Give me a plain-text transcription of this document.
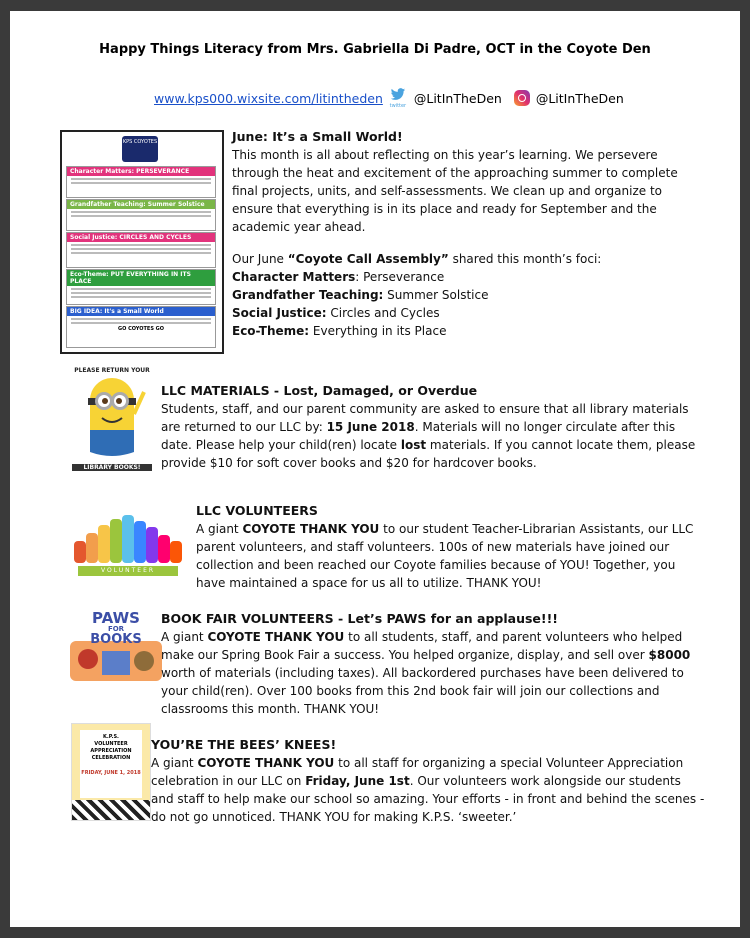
Happy Things Literacy from Mrs. Gabriella Di Padre, OCT in the Coyote Den
www.kps000.wixsite.com/litintheden	twitter @LitInTheDen	@LitInTheDen
KPS COYOTES
Character Matters: PERSEVERANCE
Grandfather Teaching: Summer Solstice
Social Justice: CIRCLES AND CYCLES
Eco-Theme: PUT EVERYTHING IN ITS PLACE
BIG IDEA: It's a Small World
GO COYOTES GO
June: It’s a Small World!

This month is all about reflecting on this year’s learning. We persevere through the heat and excitement of the approaching summer to complete final projects, units, and self-assessments. We clean up and organize to ensure that everything is in its place and ready for September and the academic year ahead.

Our June “Coyote Call Assembly” shared this month’s foci:

Character Matters: Perseverance

Grandfather Teaching: Summer Solstice

Social Justice: Circles and Cycles

Eco-Theme: Everything in its Place

PLEASE RETURN YOUR
LIBRARY BOOKS!
LLC MATERIALS - Lost, Damaged, or Overdue

Students, staff, and our parent community are asked to ensure that all library materials are returned to our LLC by: 15 June 2018. Materials will no longer circulate after this date. Please help your child(ren) locate lost materials. If you cannot locate them, please provide $10 for soft cover books and $20 for hardcover books.

VOLUNTEER
LLC VOLUNTEERS

A giant COYOTE THANK YOU to our student Teacher-Librarian Assistants, our LLC parent volunteers, and staff volunteers. 100s of new materials have joined our collection and been reached our Coyote families because of YOU! Together, you have maintained a space for us all to utilize. THANK YOU!

PAWS
FOR
BOOKS
BOOK FAIR VOLUNTEERS - Let’s PAWS for an applause!!!

A giant COYOTE THANK YOU to all students, staff, and parent volunteers who helped make our Spring Book Fair a success. You helped organize, display, and sell over $8000 worth of materials (including taxes). All backordered purchases have been delivered to your child(ren). Over 100 books from this 2nd book fair will join our collections and classrooms this month. THANK YOU!

K.P.S.
VOLUNTEER
APPRECIATION
CELEBRATION
FRIDAY, JUNE 1, 2018
YOU’RE THE BEES’ KNEES!

A giant COYOTE THANK YOU to all staff for organizing a special Volunteer Appreciation celebration in our LLC on Friday, June 1st. Our volunteers work alongside our students and staff to help make our school so amazing. Your efforts - in front and behind the scenes - do not go unnoticed. THANK YOU for making K.P.S. ‘sweeter.’
